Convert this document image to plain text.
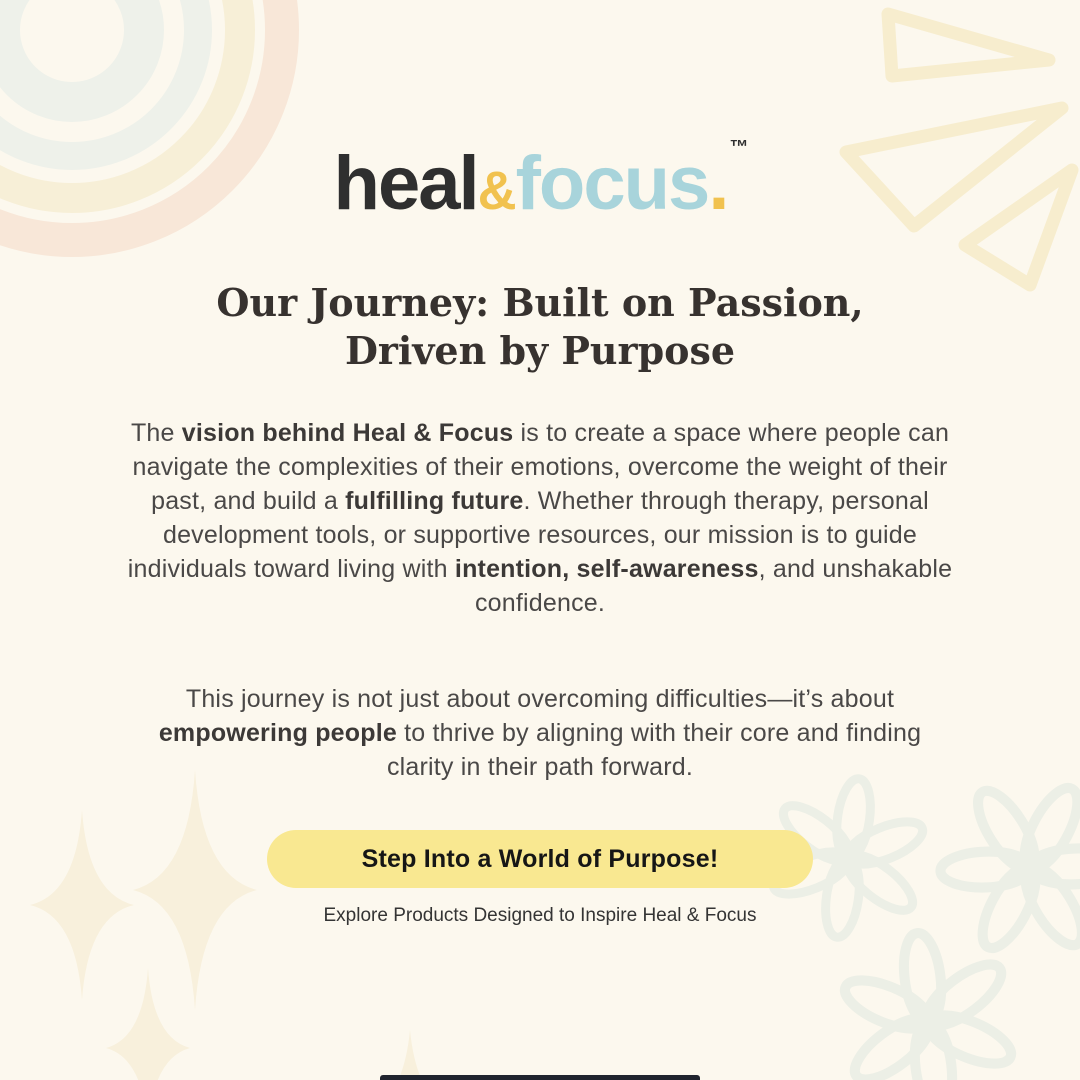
heal&focus. ™
Our Journey: Built on Passion,
Driven by Purpose

The vision behind Heal & Focus is to create a space where people can navigate the complexities of their emotions, overcome the weight of their past, and build a fulfilling future. Whether through therapy, personal development tools, or supportive resources, our mission is to guide individuals toward living with intention, self-awareness, and unshakable confidence.

This journey is not just about overcoming difficulties—it’s about empowering people to thrive by aligning with their core and finding clarity in their path forward.

Step Into a World of Purpose!
Explore Products Designed to Inspire Heal & Focus
